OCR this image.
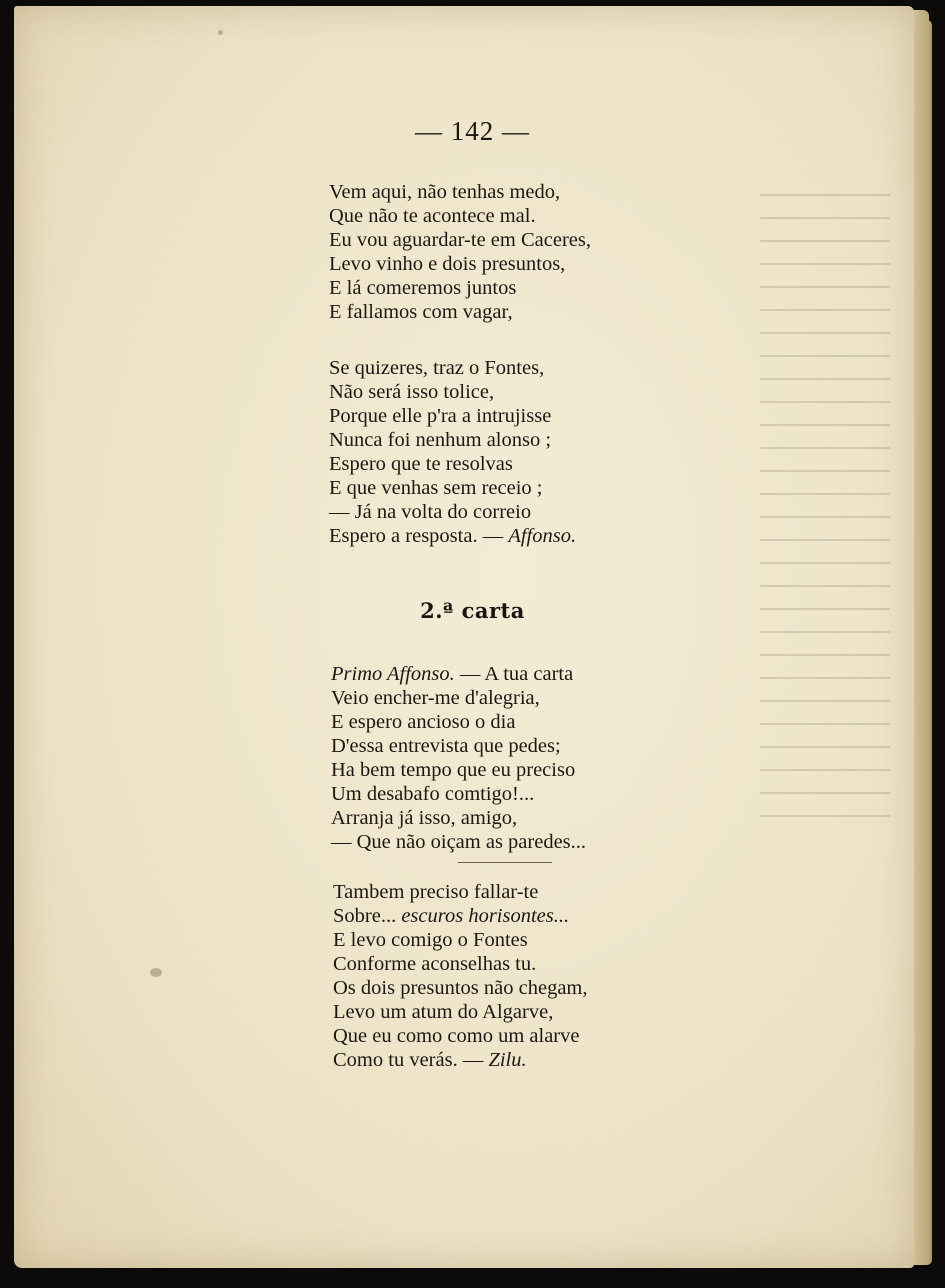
— 142 —
Vem aqui, não tenhas medo,
Que não te acontece mal.
Eu vou aguardar-te em Caceres,
Levo vinho e dois presuntos,
E lá comeremos juntos
E fallamos com vagar,
Se quizeres, traz o Fontes,
Não será isso tolice,
Porque elle p'ra a intrujisse
Nunca foi nenhum alonso ;
Espero que te resolvas
E que venhas sem receio ;
— Já na volta do correio
Espero a resposta. — Affonso.
2.ª carta
Primo Affonso. — A tua carta
Veio encher-me d'alegria,
E espero ancioso o dia
D'essa entrevista que pedes;
Ha bem tempo que eu preciso
Um desabafo comtigo!...
Arranja já isso, amigo,
— Que não oiçam as paredes...
Tambem preciso fallar-te
Sobre... escuros horisontes...
E levo comigo o Fontes
Conforme aconselhas tu.
Os dois presuntos não chegam,
Levo um atum do Algarve,
Que eu como como um alarve
Como tu verás. — Zilu.
